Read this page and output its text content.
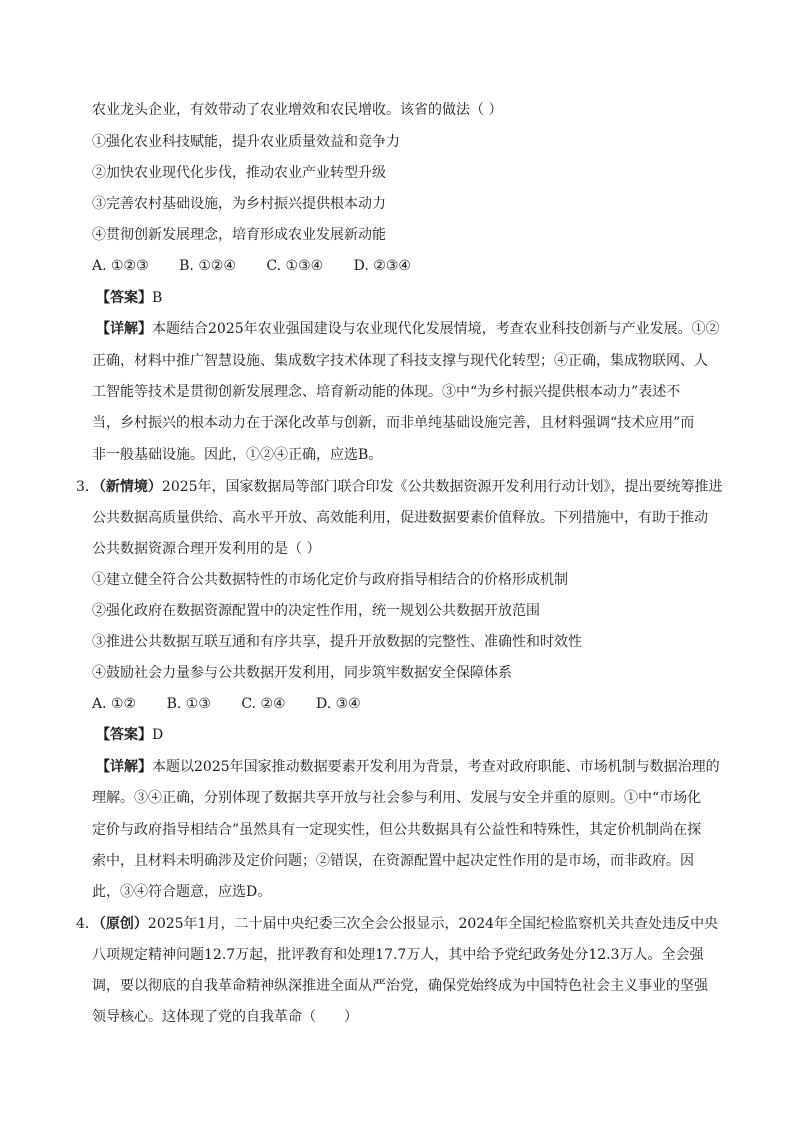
农业龙头企业，有效带动了农业增效和农民增收。该省的做法（ ）
①强化农业科技赋能，提升农业质量效益和竞争力
②加快农业现代化步伐，推动农业产业转型升级
③完善农村基础设施，为乡村振兴提供根本动力
④贯彻创新发展理念，培育形成农业发展新动能
A. ①②③ B. ①②④ C. ①③④ D. ②③④
【答案】B
【详解】本题结合2025年农业强国建设与农业现代化发展情境，考查农业科技创新与产业发展。①②
正确，材料中推广智慧设施、集成数字技术体现了科技支撑与现代化转型；④正确，集成物联网、人
工智能等技术是贯彻创新发展理念、培育新动能的体现。③中“为乡村振兴提供根本动力”表述不
当，乡村振兴的根本动力在于深化改革与创新，而非单纯基础设施完善，且材料强调“技术应用”而
非一般基础设施。因此，①②④正确，应选B。
3．（新情境）2025年，国家数据局等部门联合印发《公共数据资源开发利用行动计划》，提出要统筹推进
公共数据高质量供给、高水平开放、高效能利用，促进数据要素价值释放。下列措施中，有助于推动
公共数据资源合理开发利用的是（ ）
①建立健全符合公共数据特性的市场化定价与政府指导相结合的价格形成机制
②强化政府在数据资源配置中的决定性作用，统一规划公共数据开放范围
③推进公共数据互联互通和有序共享，提升开放数据的完整性、准确性和时效性
④鼓励社会力量参与公共数据开发利用，同步筑牢数据安全保障体系
A. ①② B. ①③ C. ②④ D. ③④
【答案】D
【详解】本题以2025年国家推动数据要素开发利用为背景，考查对政府职能、市场机制与数据治理的
理解。③④正确，分别体现了数据共享开放与社会参与利用、发展与安全并重的原则。①中“市场化
定价与政府指导相结合”虽然具有一定现实性，但公共数据具有公益性和特殊性，其定价机制尚在探
索中，且材料未明确涉及定价问题；②错误，在资源配置中起决定性作用的是市场，而非政府。因
此，③④符合题意，应选D。
4．（原创）2025年1月，二十届中央纪委三次全会公报显示，2024年全国纪检监察机关共查处违反中央
八项规定精神问题12.7万起，批评教育和处理17.7万人，其中给予党纪政务处分12.3万人。全会强
调，要以彻底的自我革命精神纵深推进全面从严治党，确保党始终成为中国特色社会主义事业的坚强
领导核心。这体现了党的自我革命（　　）
